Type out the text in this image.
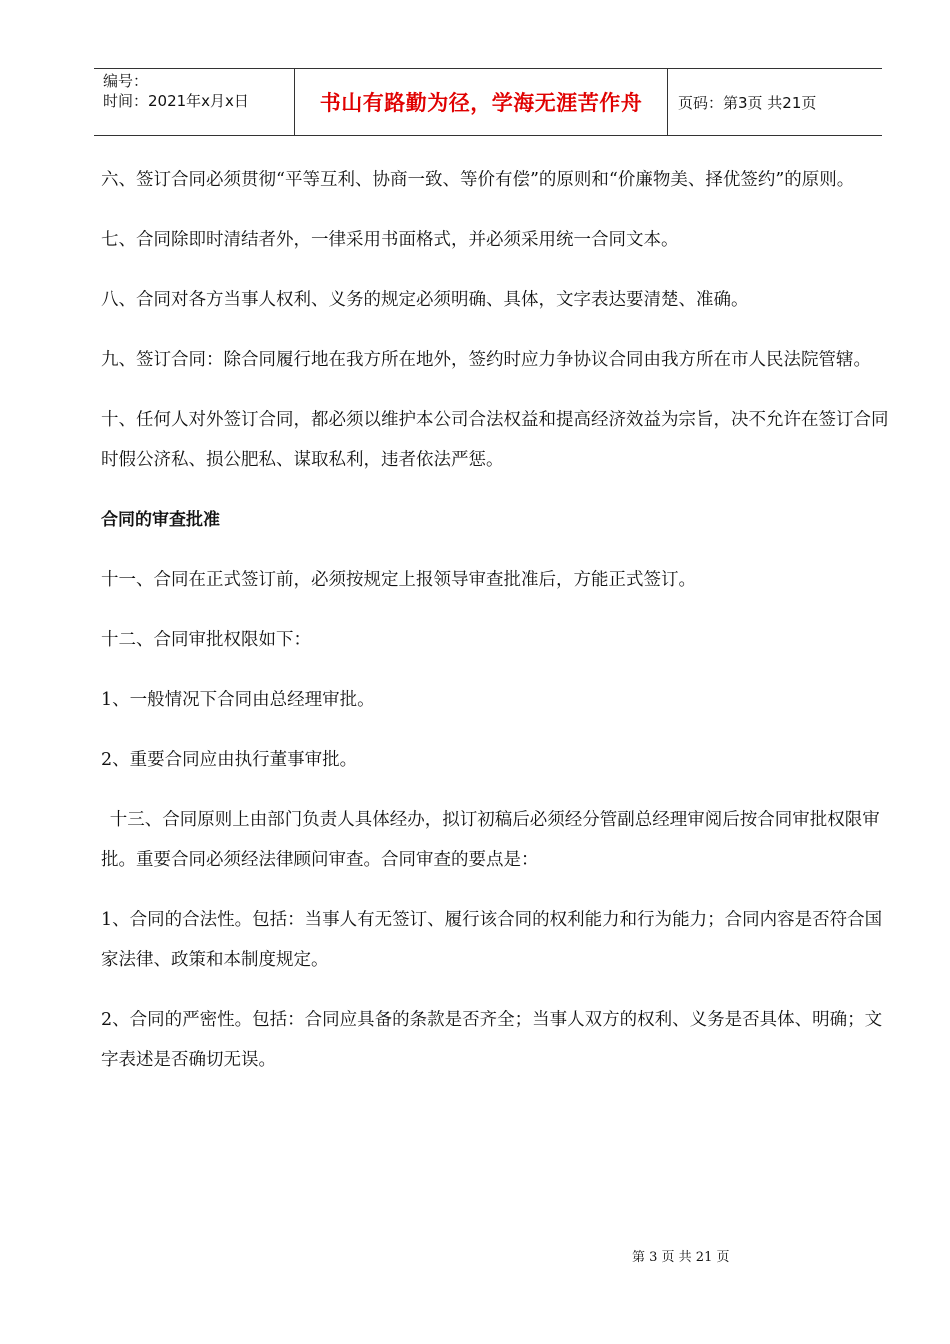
编号：
时间：2021年x月x日	书山有路勤为径，学海无涯苦作舟	页码：第3页 共21页

六、签订合同必须贯彻“平等互利、协商一致、等价有偿”的原则和“价廉物美、择优签约”的原则。

七、合同除即时清结者外，一律采用书面格式，并必须采用统一合同文本。

八、合同对各方当事人权利、义务的规定必须明确、具体，文字表达要清楚、准确。

九、签订合同：除合同履行地在我方所在地外，签约时应力争协议合同由我方所在市人民法院管辖。

十、任何人对外签订合同，都必须以维护本公司合法权益和提高经济效益为宗旨，决不允许在签订合同时假公济私、损公肥私、谋取私利，违者依法严惩。

合同的审查批准

十一、合同在正式签订前，必须按规定上报领导审查批准后，方能正式签订。

十二、合同审批权限如下：

1、一般情况下合同由总经理审批。

2、重要合同应由执行董事审批。

十三、合同原则上由部门负责人具体经办，拟订初稿后必须经分管副总经理审阅后按合同审批权限审批。重要合同必须经法律顾问审查。合同审查的要点是：

1、合同的合法性。包括：当事人有无签订、履行该合同的权利能力和行为能力；合同内容是否符合国家法律、政策和本制度规定。

2、合同的严密性。包括：合同应具备的条款是否齐全；当事人双方的权利、义务是否具体、明确；文字表述是否确切无误。

第 3 页 共 21 页
